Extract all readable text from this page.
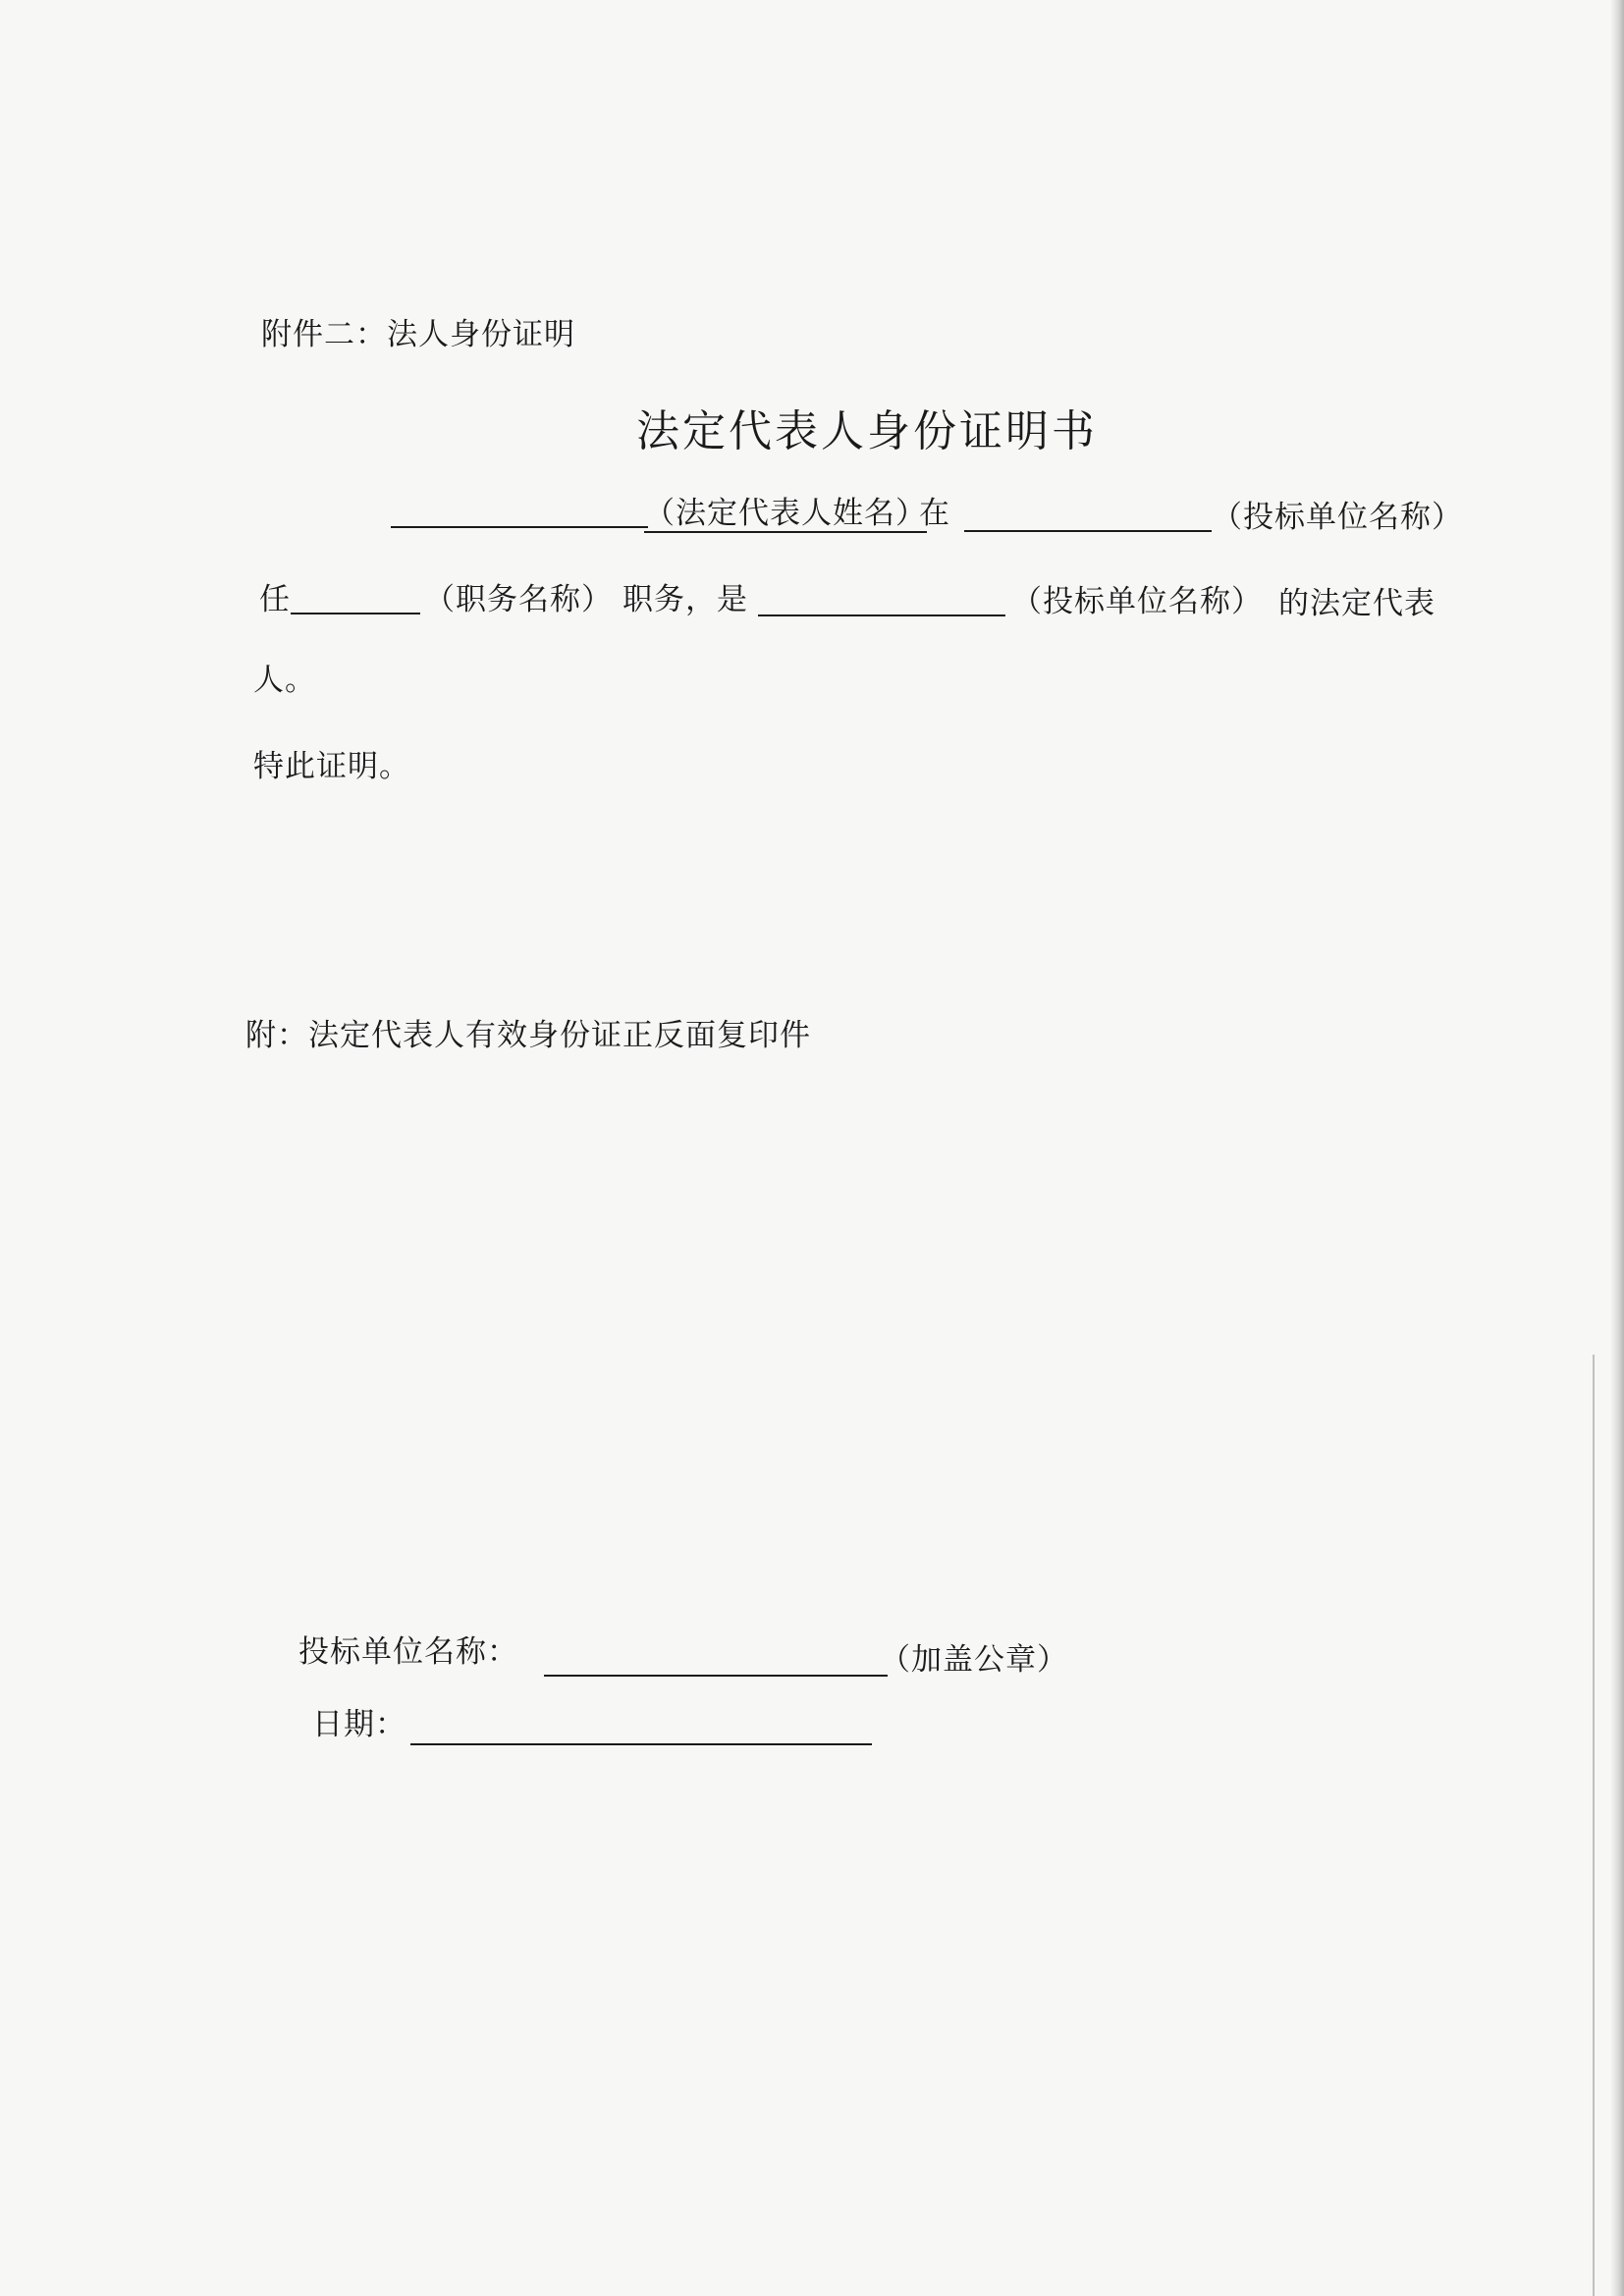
附件二：法人身份证明
法定代表人身份证明书
（法定代表人姓名）
在	（投标单位名称）
任	（职务名称） 职务，是	（投标单位名称） 的法定代表
人。
特此证明。
附：法定代表人有效身份证正反面复印件
投标单位名称：	（加盖公章）
日期：
